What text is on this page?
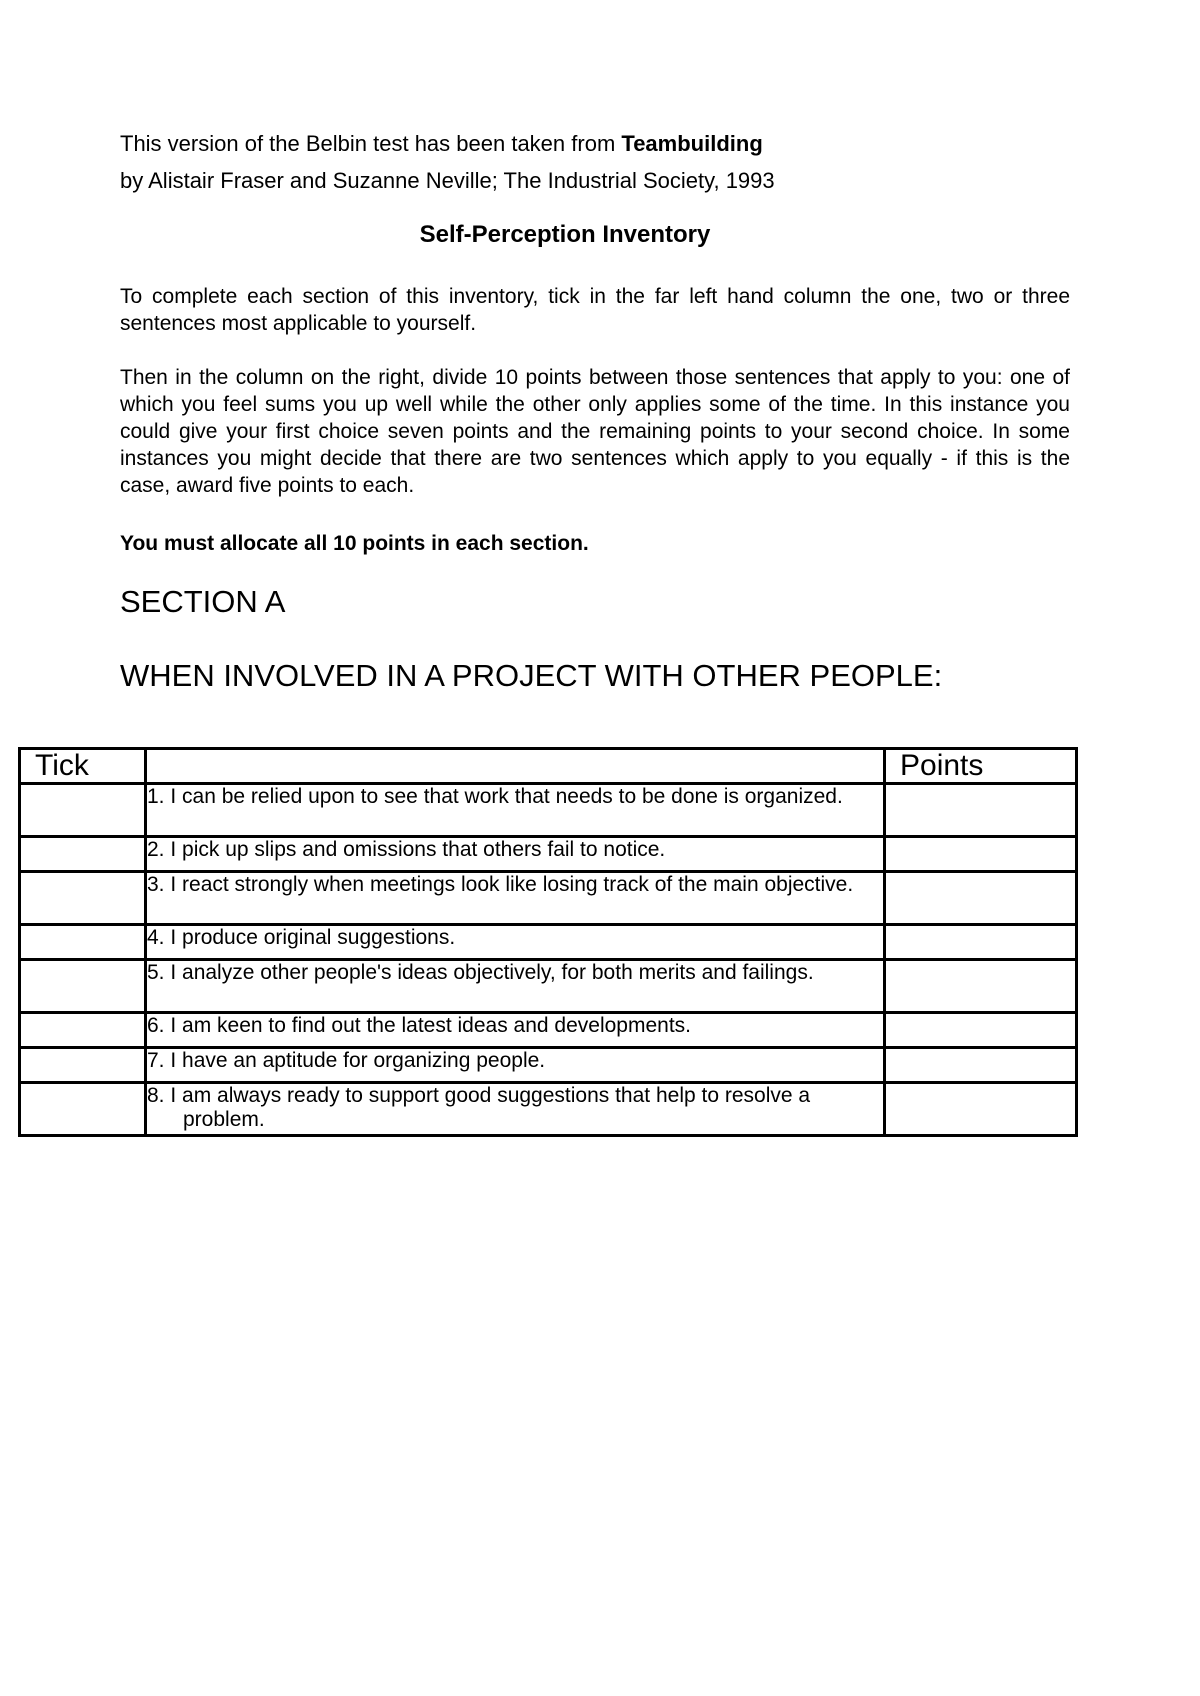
This version of the Belbin test has been taken from Teambuilding
by Alistair Fraser and Suzanne Neville; The Industrial Society, 1993
Self-Perception Inventory
To complete each section of this inventory, tick in the far left hand column the one, two or three sentences most applicable to yourself.
Then in the column on the right, divide 10 points between those sentences that apply to you: one of which you feel sums you up well while the other only applies some of the time. In this instance you could give your first choice seven points and the remaining points to your second choice. In some instances you might decide that there are two sentences which apply to you equally - if this is the case, award five points to each.
You must allocate all 10 points in each section.
SECTION A
WHEN INVOLVED IN A PROJECT WITH OTHER PEOPLE:
Tick		Points

	1. I can be relied upon to see that work that needs to be done is organized.	

	2. I pick up slips and omissions that others fail to notice.	

	3. I react strongly when meetings look like losing track of the main objective.	

	4. I produce original suggestions.	

	5. I analyze other people's ideas objectively, for both merits and failings.	

	6. I am keen to find out the latest ideas and developments.	

	7. I have an aptitude for organizing people.	

	8. I am always ready to support good suggestions that help to resolve a problem.	
